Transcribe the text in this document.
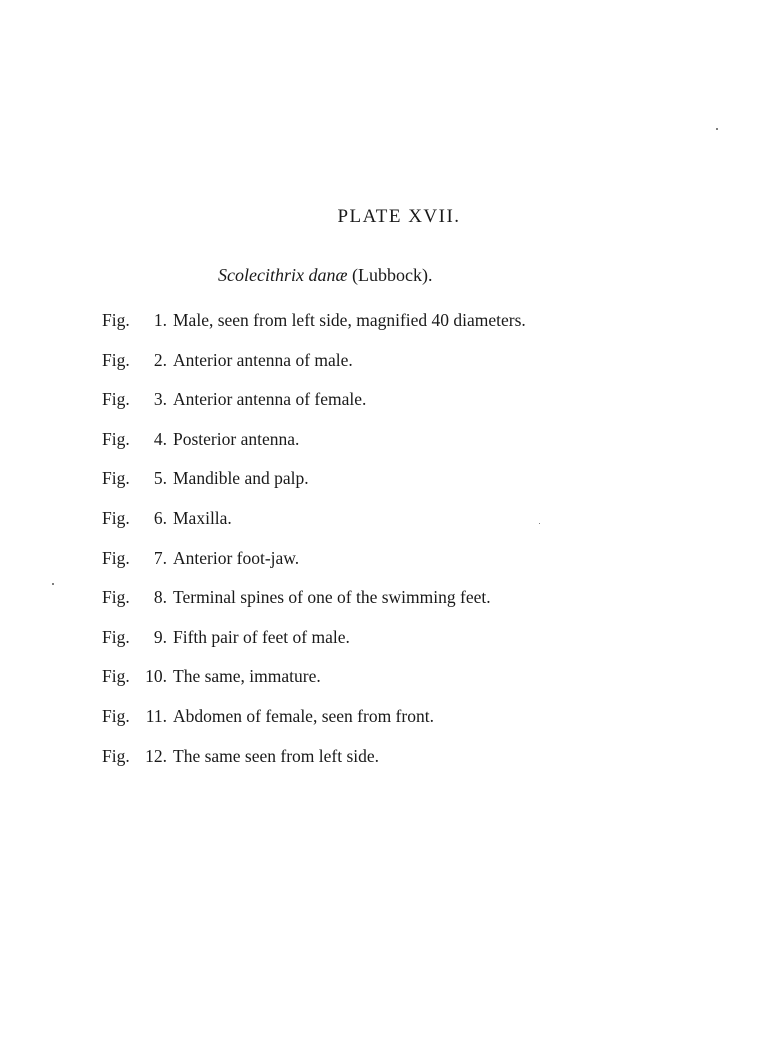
PLATE XVII.
Scolecithrix danæ (Lubbock).
Fig.	1. Male, seen from left side, magnified 40 diameters.
Fig.	2. Anterior antenna of male.
Fig.	3. Anterior antenna of female.
Fig.	4. Posterior antenna.
Fig.	5. Mandible and palp.
Fig.	6. Maxilla.
Fig.	7. Anterior foot-jaw.
Fig.	8. Terminal spines of one of the swimming feet.
Fig.	9. Fifth pair of feet of male.
Fig. 10. The same, immature.
Fig. 11. Abdomen of female, seen from front.
Fig. 12. The same seen from left side.
